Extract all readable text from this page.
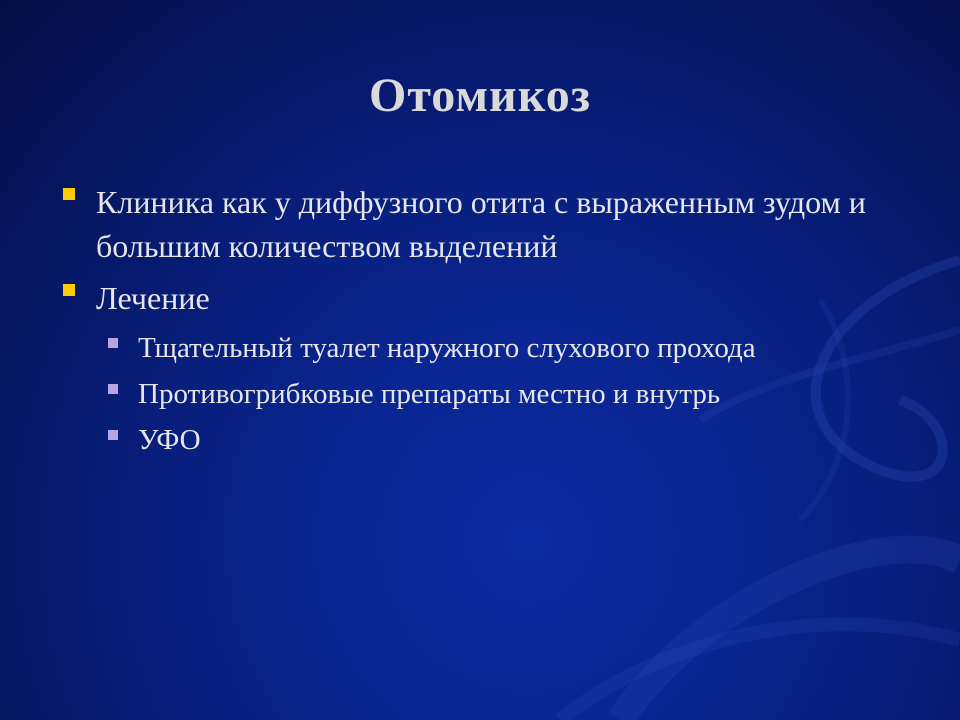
Отомикоз
Клиника как у диффузного отита с выраженным зудом и большим количеством выделений
Лечение
Тщательный туалет наружного слухового прохода
Противогрибковые препараты местно и внутрь
УФО
